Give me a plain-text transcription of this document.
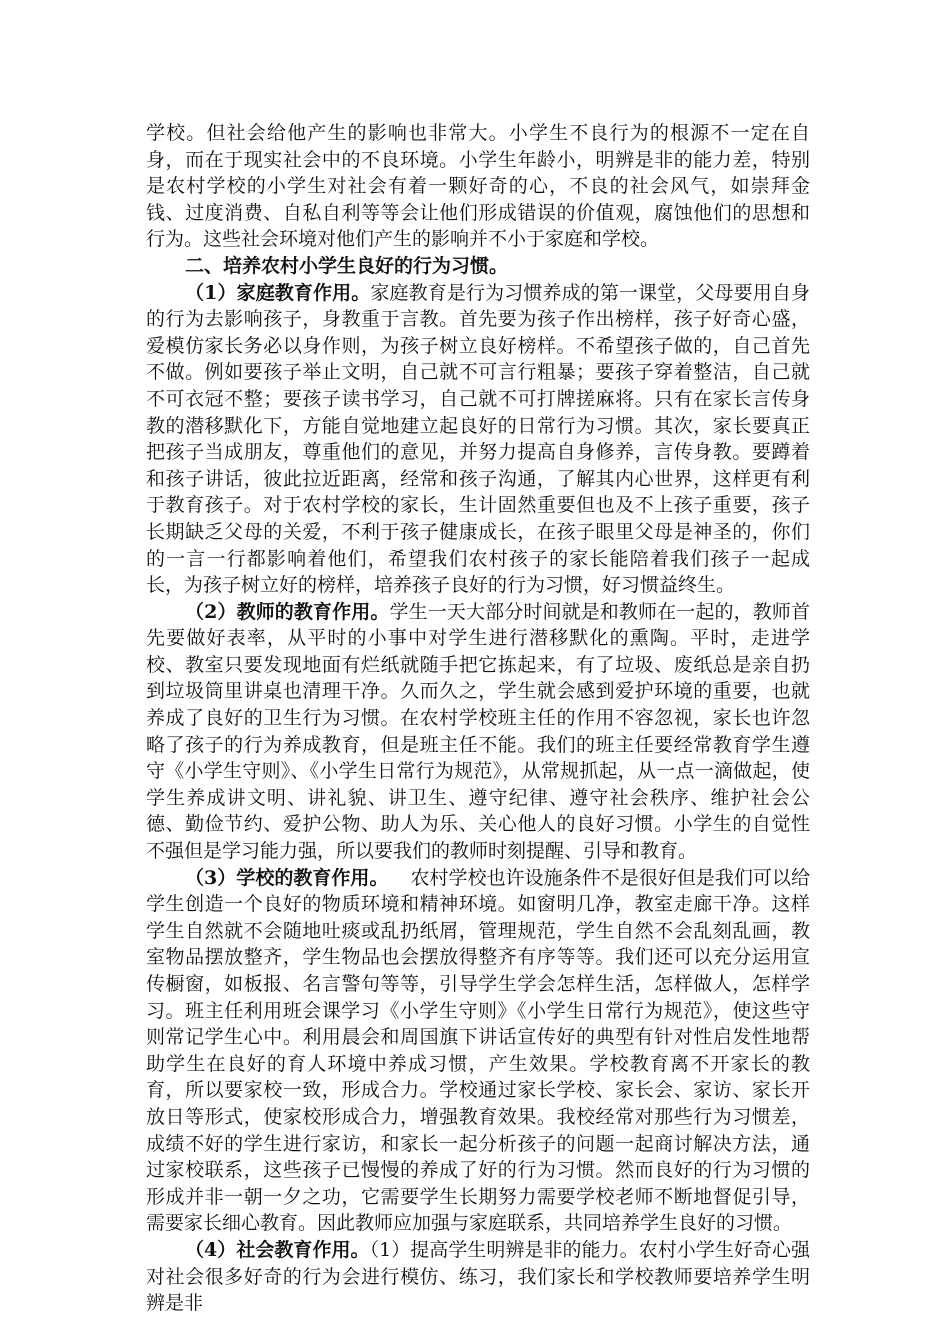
学校。但社会给他产生的影响也非常大。小学生不良行为的根源不一定在自身，而在于现实社会中的不良环境。小学生年龄小，明辨是非的能力差，特别是农村学校的小学生对社会有着一颗好奇的心，不良的社会风气，如崇拜金钱、过度消费、自私自利等等会让他们形成错误的价值观，腐蚀他们的思想和行为。这些社会环境对他们产生的影响并不小于家庭和学校。

二、培养农村小学生良好的行为习惯。

（1）家庭教育作用。家庭教育是行为习惯养成的第一课堂，父母要用自身的行为去影响孩子，身教重于言教。首先要为孩子作出榜样，孩子好奇心盛，爱模仿家长务必以身作则，为孩子树立良好榜样。不希望孩子做的，自己首先不做。例如要孩子举止文明，自己就不可言行粗暴；要孩子穿着整洁，自己就不可衣冠不整；要孩子读书学习，自己就不可打牌搓麻将。只有在家长言传身教的潜移默化下，方能自觉地建立起良好的日常行为习惯。其次，家长要真正把孩子当成朋友，尊重他们的意见，并努力提高自身修养，言传身教。要蹲着和孩子讲话，彼此拉近距离，经常和孩子沟通，了解其内心世界，这样更有利于教育孩子。对于农村学校的家长，生计固然重要但也及不上孩子重要，孩子长期缺乏父母的关爱，不利于孩子健康成长，在孩子眼里父母是神圣的，你们的一言一行都影响着他们，希望我们农村孩子的家长能陪着我们孩子一起成长，为孩子树立好的榜样，培养孩子良好的行为习惯，好习惯益终生。

（2）教师的教育作用。学生一天大部分时间就是和教师在一起的，教师首先要做好表率，从平时的小事中对学生进行潜移默化的熏陶。平时，走进学校、教室只要发现地面有烂纸就随手把它拣起来，有了垃圾、废纸总是亲自扔到垃圾筒里讲桌也清理干净。久而久之，学生就会感到爱护环境的重要，也就养成了良好的卫生行为习惯。在农村学校班主任的作用不容忽视，家长也许忽略了孩子的行为养成教育，但是班主任不能。我们的班主任要经常教育学生遵守《小学生守则》、《小学生日常行为规范》，从常规抓起，从一点一滴做起，使学生养成讲文明、讲礼貌、讲卫生、遵守纪律、遵守社会秩序、维护社会公德、勤俭节约、爱护公物、助人为乐、关心他人的良好习惯。小学生的自觉性不强但是学习能力强，所以要我们的教师时刻提醒、引导和教育。

（3）学校的教育作用。 农村学校也许设施条件不是很好但是我们可以给学生创造一个良好的物质环境和精神环境。如窗明几净，教室走廊干净。这样学生自然就不会随地吐痰或乱扔纸屑，管理规范，学生自然不会乱刻乱画，教室物品摆放整齐，学生物品也会摆放得整齐有序等等。我们还可以充分运用宣传橱窗，如板报、名言警句等等，引导学生学会怎样生活，怎样做人，怎样学习。班主任利用班会课学习《小学生守则》《小学生日常行为规范》，使这些守则常记学生心中。利用晨会和周国旗下讲话宣传好的典型有针对性启发性地帮助学生在良好的育人环境中养成习惯，产生效果。学校教育离不开家长的教育，所以要家校一致，形成合力。学校通过家长学校、家长会、家访、家长开放日等形式，使家校形成合力，增强教育效果。我校经常对那些行为习惯差，成绩不好的学生进行家访，和家长一起分析孩子的问题一起商讨解决方法，通过家校联系，这些孩子已慢慢的养成了好的行为习惯。然而良好的行为习惯的形成并非一朝一夕之功，它需要学生长期努力需要学校老师不断地督促引导，需要家长细心教育。因此教师应加强与家庭联系，共同培养学生良好的习惯。

（4）社会教育作用。（1）提高学生明辨是非的能力。农村小学生好奇心强对社会很多好奇的行为会进行模仿、练习，我们家长和学校教师要培养学生明辨是非
